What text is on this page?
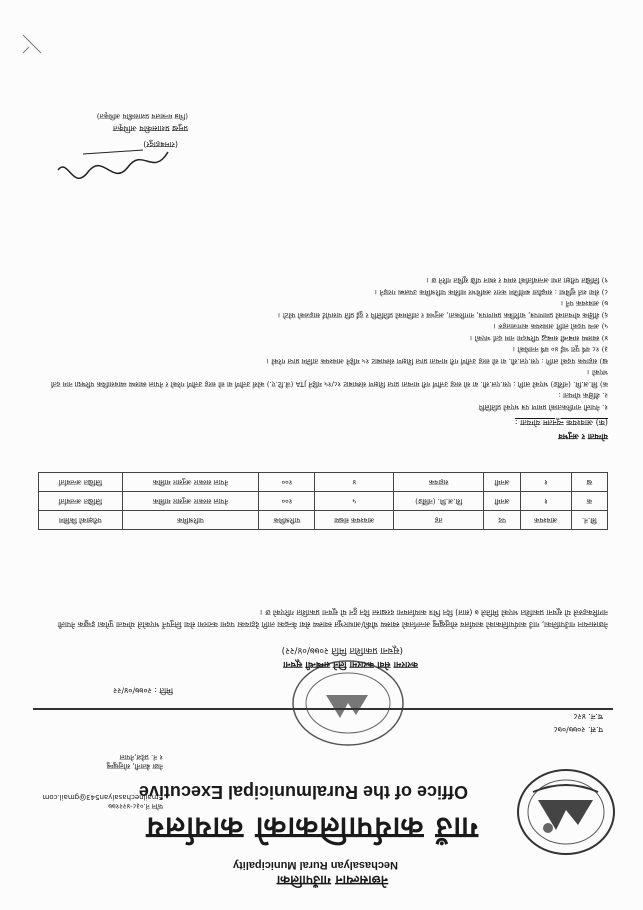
नेछासल्यान गाउँपालिका
Nechasalyan Rural Municipality
गाउँ कार्यपालिकाको कार्यालय
Office of the Ruralmunicipal Executive
फोन नं.०३८-४२२१७७
Emailnechasalyan543@gmail.com
नेछा बेतानी, सोलुखुम्बु
१ नं. प्रदेश,नेपाल
प.सं. २०७७/०७८
च.नं. ४२८
मिति : २०७७/०४/२२
करारमा सेवा करारमा लिने सम्बन्धी सूचना
(सूचना प्रकाशित मिति २०७७/०४/२२)
नेछासल्यान गाउँपालिका, गाउँ कार्यपालिकाको कार्यालय सोलुखुम्बु अन्तर्गतको स्वास्थ्य चौकी/आधारभूत स्वास्थ्य सेवा केन्द्रका लागि देहायका पदमा करारमा सेवा लिनुपर्ने भएकोले योग्यता पुगेका इच्छुक नेपाली नागरिकहरुले यो सूचना प्रकाशित भएको मितिले ७ (सात) दिन भित्र कार्यालयमा दरखास्त दिन हुन यो सूचना प्रकाशित गरिएको छ ।
सि.नं.	आवश्यक	पद	तह	आवश्यक संख्या	पारिश्रमिक	पारिश्रमिक	परीक्षाको किसिम
क	१	अनमी	सि.अ.मि. (नर्सिङ)	५	१००	नेपाल सरकार अनुसार मासिक	लिखित अन्तर्वार्ता
ख	१	अनमी	सहायक	४	१००	नेपाल सरकार अनुसार मासिक	लिखित अन्तर्वार्ता
योग्यता र अनुभव
(क) आवश्यक न्यूनतम योग्यता :
१. नेपाली नागरिकताको प्रमाण पत्र भएको प्रतिलिपि
२. शैक्षिक योग्यता :
क) सि.अ.मि. (नर्सिङ) भएको लागि : एस.एल.सी. वा सो सरह उत्तीर्ण गरी मान्यता प्राप्त शिक्षण संस्थाबाट १८/१५ महिने JTA (जे.टि.ए.) कोर्स उत्तीर्ण वा सो सरह उत्तीर्ण गरेको र नेपाल स्वास्थ्य व्यावसायिक परिषद्मा नाम दर्ता भएको ।
ख) सहायक पदको लागि : एस.एल.सी. वा सो सरह उत्तीर्ण गरी मान्यता प्राप्त शिक्षण संस्थाबाट १५ महिने आवश्यक तालिम प्राप्त गरेको ।
३) १८ वर्ष पूरा भई ४० वर्ष ननाघेको ।
४) स्वास्थ्य सम्बन्धी सम्बद्ध परिषदमा नाम दर्ता भएको ।
५) अन्य पदको लागि आवश्यक कागजातहरु ।
६) शैक्षिक योग्यताको प्रमाणपत्र, चारित्रिक प्रमाणपत्र, नागरिकता, अनुभव र तालिमको प्रतिलिपि र दुई प्रति पासपोर्ट साइजको फोटो ।
७) आवश्यक पर्ने ।
८) सेवा शर्त सुविधा : सम्झौता बमोजिम करार अवधिभर मासिक पारिश्रमिक उपलब्ध गराइने ।
९) लिखित परीक्षा तथा अन्तर्वार्ताको समय र स्थान पछि सूचित गरिने छ ।
(रामबहादुर)
प्रमुख प्रशासकीय अधिकृत
(भिन्न मन्त्रालय प्रशासकीय अधिकृत)
